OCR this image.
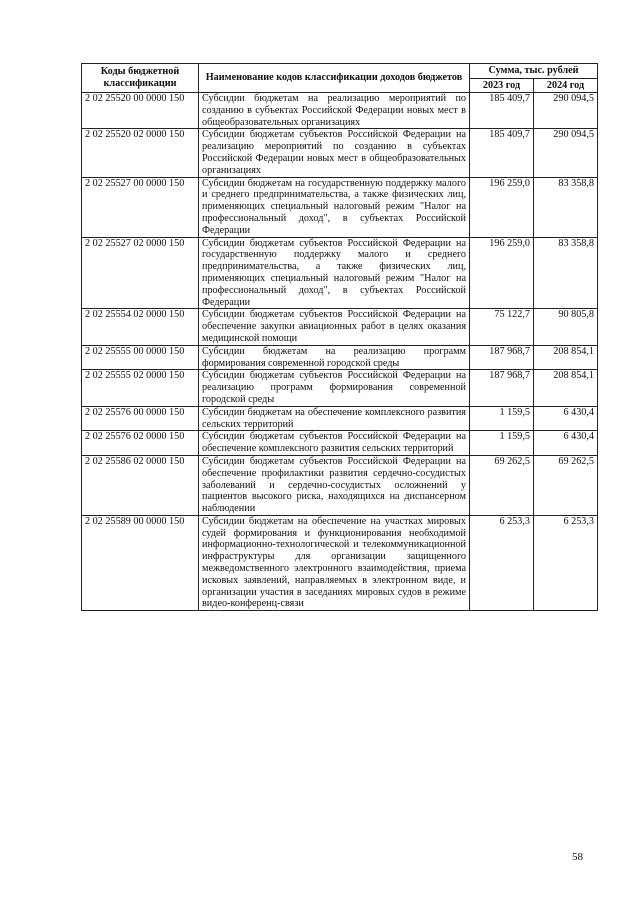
Коды бюджетной классификации	Наименование кодов классификации доходов бюджетов	Сумма, тыс. рублей	
		2023 год	2024 год
2 02 25520 00 0000 150	Субсидии бюджетам на реализацию мероприятий по созданию в субъектах Российской Федерации новых мест в общеобразовательных организациях	185 409,7	290 094,5
2 02 25520 02 0000 150	Субсидии бюджетам субъектов Российской Федерации на реализацию мероприятий по созданию в субъектах Российской Федерации новых мест в общеобразовательных организациях	185 409,7	290 094,5
2 02 25527 00 0000 150	Субсидии бюджетам на государственную поддержку малого и среднего предпринимательства, а также физических лиц, применяющих специальный налоговый режим "Налог на профессиональный доход", в субъектах Российской Федерации	196 259,0	83 358,8
2 02 25527 02 0000 150	Субсидии бюджетам субъектов Российской Федерации на государственную поддержку малого и среднего предпринимательства, а также физических лиц, применяющих специальный налоговый режим "Налог на профессиональный доход", в субъектах Российской Федерации	196 259,0	83 358,8
2 02 25554 02 0000 150	Субсидии бюджетам субъектов Российской Федерации на обеспечение закупки авиационных работ в целях оказания медицинской помощи	75 122,7	90 805,8
2 02 25555 00 0000 150	Субсидии бюджетам на реализацию программ формирования современной городской среды	187 968,7	208 854,1
2 02 25555 02 0000 150	Субсидии бюджетам субъектов Российской Федерации на реализацию программ формирования современной городской среды	187 968,7	208 854,1
2 02 25576 00 0000 150	Субсидии бюджетам на обеспечение комплексного развития сельских территорий	1 159,5	6 430,4
2 02 25576 02 0000 150	Субсидии бюджетам субъектов Российской Федерации на обеспечение комплексного развития сельских территорий	1 159,5	6 430,4
2 02 25586 02 0000 150	Субсидии бюджетам субъектов Российской Федерации на обеспечение профилактики развития сердечно-сосудистых заболеваний и сердечно-сосудистых осложнений у пациентов высокого риска, находящихся на диспансерном наблюдении	69 262,5	69 262,5
2 02 25589 00 0000 150	Субсидии бюджетам на обеспечение на участках мировых судей формирования и функционирования необходимой информационно-технологической и телекоммуникационной инфраструктуры для организации защищенного межведомственного электронного взаимодействия, приема исковых заявлений, направляемых в электронном виде, и организации участия в заседаниях мировых судов в режиме видео-конференц-связи	6 253,3	6 253,3
58
